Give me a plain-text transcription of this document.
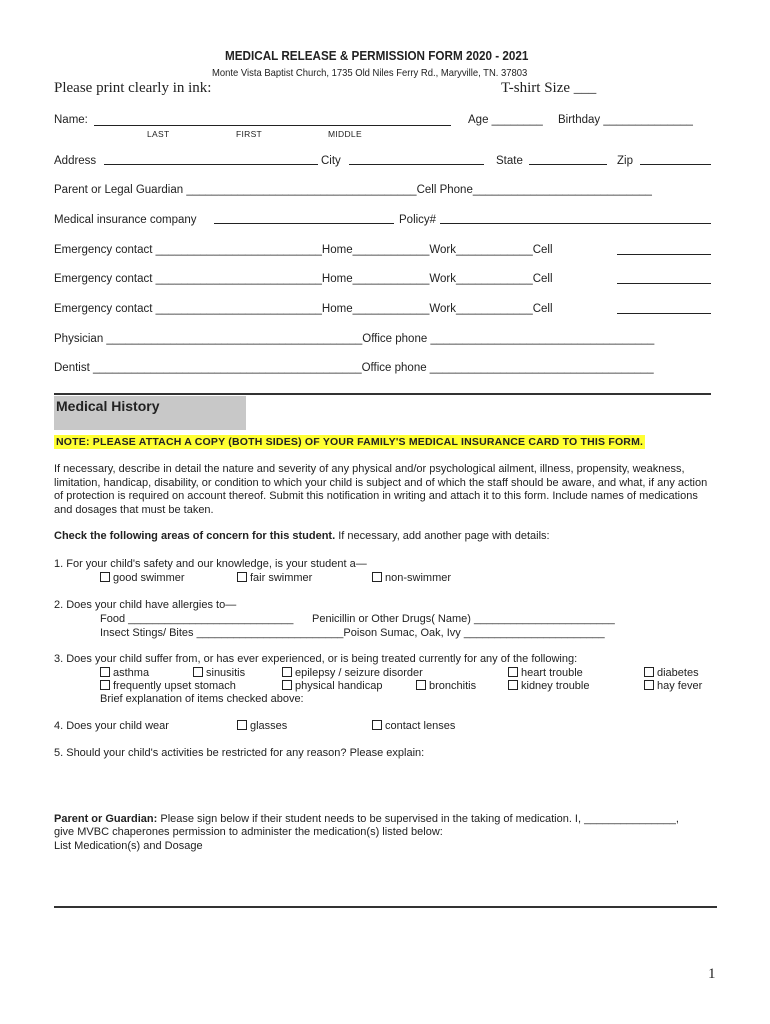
MEDICAL RELEASE & PERMISSION FORM 2020 - 2021
Monte Vista Baptist Church, 1735 Old Niles Ferry Rd., Maryville, TN. 37803
Please print clearly in ink:	T-shirt Size ___
Name:	Age ________ Birthday ______________
LAST	FIRST	MIDDLE
Address	City	State	Zip
Parent or Legal Guardian ____________________________________Cell Phone____________________________
Medical insurance company	Policy#
Emergency contact __________________________Home____________Work____________Cell
Emergency contact __________________________Home____________Work____________Cell
Emergency contact __________________________Home____________Work____________Cell
Physician ________________________________________Office phone ___________________________________
Dentist __________________________________________Office phone ___________________________________
Medical History
NOTE: PLEASE ATTACH A COPY (BOTH SIDES) OF YOUR FAMILY'S MEDICAL INSURANCE CARD TO THIS FORM.
If necessary, describe in detail the nature and severity of any physical and/or psychological ailment, illness, propensity, weakness, limitation, handicap, disability, or condition to which your child is subject and of which the staff should be aware, and what, if any action of protection is required on account thereof. Submit this notification in writing and attach it to this form. Include names of medications and dosages that must be taken.
Check the following areas of concern for this student. If necessary, add another page with details:
1. For your child's safety and our knowledge, is your student a—
good swimmer	fair swimmer	non-swimmer
2. Does your child have allergies to—
Food ___________________________ Penicillin or Other Drugs( Name) _______________________
Insect Stings/ Bites ________________________Poison Sumac, Oak, Ivy _______________________
3. Does your child suffer from, or has ever experienced, or is being treated currently for any of the following:
asthma	sinusitis	epilepsy / seizure disorder	heart trouble	diabetes
frequently upset stomach	physical handicap	bronchitis	kidney trouble	hay fever
Brief explanation of items checked above:
4. Does your child wear	glasses	contact lenses
5. Should your child's activities be restricted for any reason? Please explain:
Parent or Guardian: Please sign below if their student needs to be supervised in the taking of medication. I, _______________,
give MVBC chaperones permission to administer the medication(s) listed below:
List Medication(s) and Dosage
1
